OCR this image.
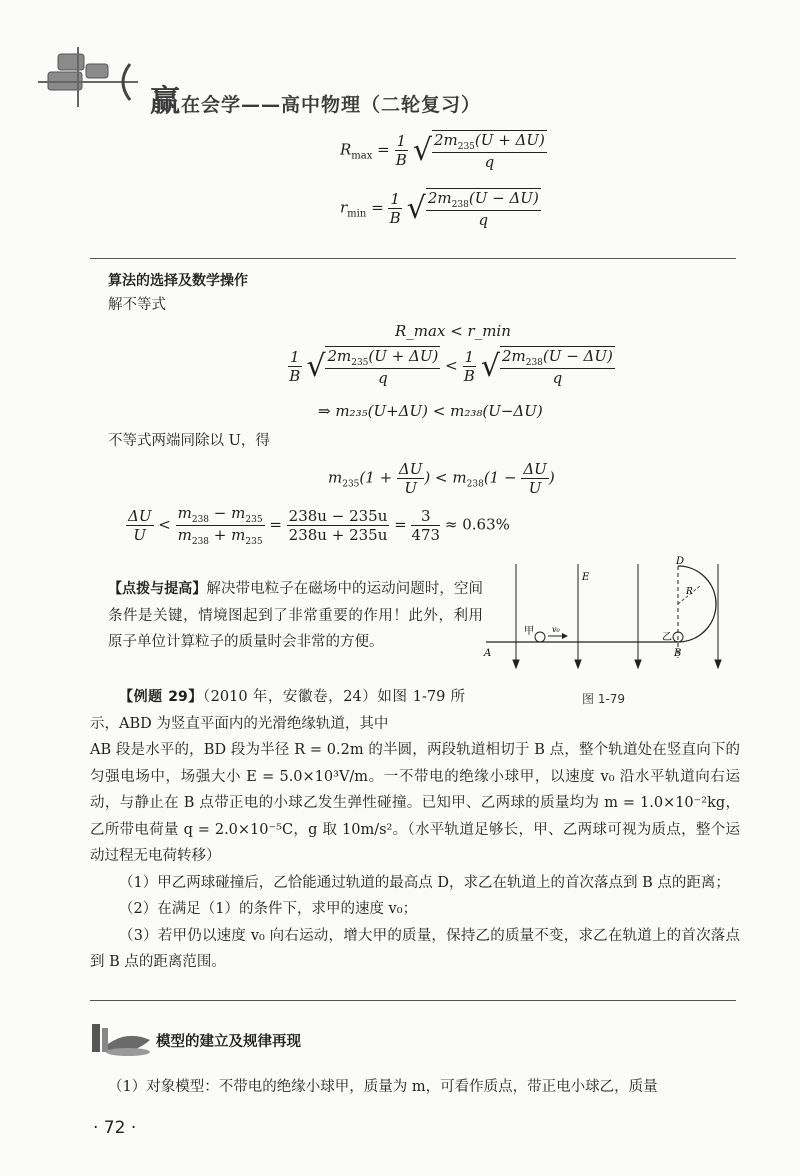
赢在会学——高中物理（二轮复习）
$R_{max} = \frac{1}{B}$ √ $\frac{2m_{235}(U + \Delta U)}{q}$
$r_{min} = \frac{1}{B}$ √ $\frac{2m_{238}(U - \Delta U)}{q}$
算法的选择及数学操作
解不等式
R_max < r_min
$\frac{1}{B}$ √ $\frac{2m_{235}(U + \Delta U)}{q} < \frac{1}{B}$ √ $\frac{2m_{238}(U - \Delta U)}{q}$
⇒ m₂₃₅(U+ΔU) < m₂₃₈(U−ΔU)
不等式两端同除以 U，得
$m_{235}(1 + \frac{\Delta U}{U}$ ) < $m_{238}(1 - \frac{\Delta U}{U}$ )
$\frac{\Delta U}{U} < \frac{m_{238} - m_{235}}{m_{238} + m_{235}} = \frac{238u - 235u}{238u + 235u} = \frac{3}{473} \approx 0.63\%$

【点拨与提高】解决带电粒子在磁场中的运动问题时，空间条件是关键，情境图起到了非常重要的作用！此外，利用原子单位计算粒子的质量时会非常的方便。

【例题 29】（2010 年，安徽卷，24）如图 1-79 所示，ABD 为竖直平面内的光滑绝缘轨道，其中

AB 段是水平的，BD 段为半径 R = 0.2m 的半圆，两段轨道相切于 B 点，整个轨道处在竖直向下的匀强电场中，场强大小 E = 5.0×10³V/m。一不带电的绝缘小球甲，以速度 v₀ 沿水平轨道向右运动，与静止在 B 点带正电的小球乙发生弹性碰撞。已知甲、乙两球的质量均为 m = 1.0×10⁻²kg，乙所带电荷量 q = 2.0×10⁻⁵C，g 取 10m/s²。（水平轨道足够长，甲、乙两球可视为质点，整个运动过程无电荷转移）

（1）甲乙两球碰撞后，乙恰能通过轨道的最高点 D，求乙在轨道上的首次落点到 B 点的距离；

（2）在满足（1）的条件下，求甲的速度 v₀；

（3）若甲仍以速度 v₀ 向右运动，增大甲的质量，保持乙的质量不变，求乙在轨道上的首次落点到 B 点的距离范围。

A	B
D
E
R
甲
乙
v₀
图 1-79
模型的建立及规律再现
（1）对象模型：不带电的绝缘小球甲，质量为 m，可看作质点，带正电小球乙，质量
· 72 ·
